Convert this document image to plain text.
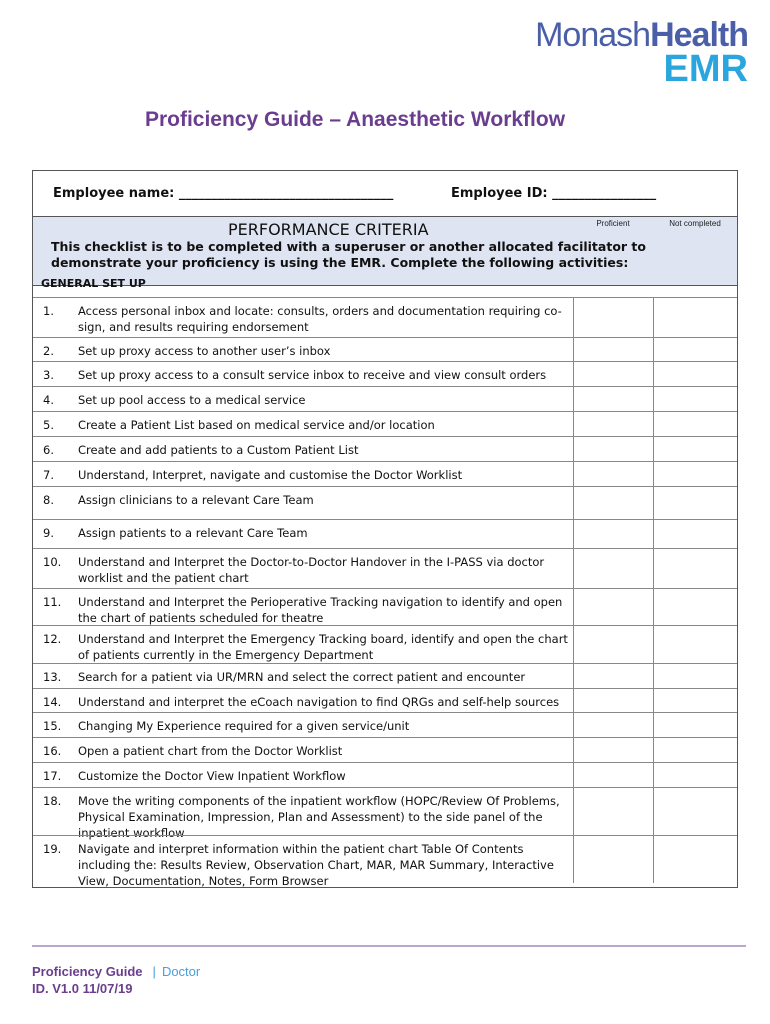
MonashHealth
EMR
Proficiency Guide – Anaesthetic Workflow
Employee name: _________________________________	Employee ID: ________________
PERFORMANCE CRITERIA	Proficient	Not completed
This checklist is to be completed with a superuser or another allocated facilitator to demonstrate your proficiency is using the EMR. Complete the following activities:
GENERAL SET UP
1. Access personal inbox and locate: consults, orders and documentation requiring co-sign, and results requiring endorsement
2. Set up proxy access to another user’s inbox
3. Set up proxy access to a consult service inbox to receive and view consult orders
4. Set up pool access to a medical service
5. Create a Patient List based on medical service and/or location
6. Create and add patients to a Custom Patient List
7. Understand, Interpret, navigate and customise the Doctor Worklist
8. Assign clinicians to a relevant Care Team
9. Assign patients to a relevant Care Team
10. Understand and Interpret the Doctor-to-Doctor Handover in the I-PASS via doctor worklist and the patient chart
11. Understand and Interpret the Perioperative Tracking navigation to identify and open the chart of patients scheduled for theatre
12. Understand and Interpret the Emergency Tracking board, identify and open the chart of patients currently in the Emergency Department
13. Search for a patient via UR/MRN and select the correct patient and encounter
14. Understand and interpret the eCoach navigation to find QRGs and self-help sources
15. Changing My Experience required for a given service/unit
16. Open a patient chart from the Doctor Worklist
17. Customize the Doctor View Inpatient Workflow
18. Move the writing components of the inpatient workflow (HOPC/Review Of Problems, Physical Examination, Impression, Plan and Assessment) to the side panel of the inpatient workflow
19. Navigate and interpret information within the patient chart Table Of Contents including the: Results Review, Observation Chart, MAR, MAR Summary, Interactive View, Documentation, Notes, Form Browser
Proficiency Guide | Doctor
ID. V1.0 11/07/19
